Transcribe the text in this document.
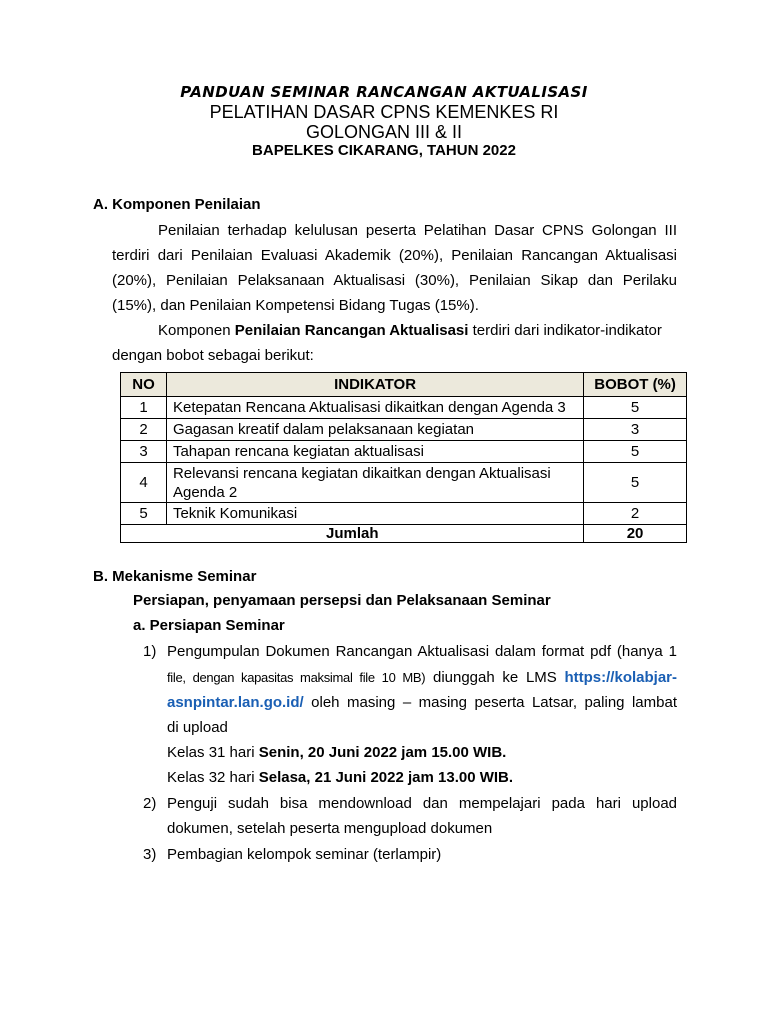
PANDUAN SEMINAR RANCANGAN AKTUALISASI
PELATIHAN DASAR CPNS KEMENKES RI
GOLONGAN III & II
BAPELKES CIKARANG, TAHUN 2022
A. Komponen Penilaian
Penilaian terhadap kelulusan peserta Pelatihan Dasar CPNS Golongan III
terdiri dari Penilaian Evaluasi Akademik (20%), Penilaian Rancangan Aktualisasi
(20%), Penilaian Pelaksanaan Aktualisasi (30%), Penilaian Sikap dan Perilaku
(15%), dan Penilaian Kompetensi Bidang Tugas (15%).
Komponen Penilaian Rancangan Aktualisasi terdiri dari indikator-indikator
dengan bobot sebagai berikut:
NO	INDIKATOR	BOBOT (%)
1	Ketepatan Rencana Aktualisasi dikaitkan dengan Agenda 3	5
2	Gagasan kreatif dalam pelaksanaan kegiatan	3
3	Tahapan rencana kegiatan aktualisasi	5
4	Relevansi rencana kegiatan dikaitkan dengan Aktualisasi
Agenda 2	5
5	Teknik Komunikasi	2
Jumlah		20
B. Mekanisme Seminar
Persiapan, penyamaan persepsi dan Pelaksanaan Seminar
a. Persiapan Seminar
1) Pengumpulan Dokumen Rancangan Aktualisasi dalam format pdf (hanya 1
file, dengan kapasitas maksimal file 10 MB) diunggah ke LMS https://kolabjar-
asnpintar.lan.go.id/ oleh masing – masing peserta Latsar, paling lambat
di upload
Kelas 31 hari Senin, 20 Juni 2022 jam 15.00 WIB.
Kelas 32 hari Selasa, 21 Juni 2022 jam 13.00 WIB.
2) Penguji sudah bisa mendownload dan mempelajari pada hari upload
dokumen, setelah peserta mengupload dokumen
3) Pembagian kelompok seminar (terlampir)
